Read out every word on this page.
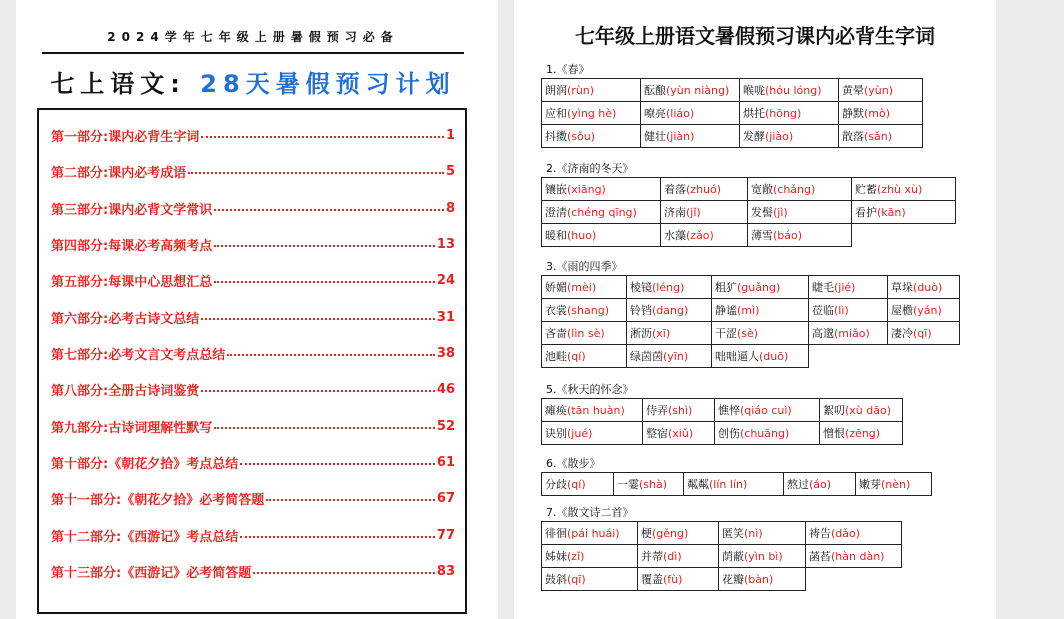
2024学年七年级上册暑假预习必备
七上语文: 28天暑假预习计划
第一部分:课内必背生字词	1
第二部分:课内必考成语	5
第三部分:课内必背文学常识	8
第四部分:每课必考高频考点	13
第五部分:每课中心思想汇总	24
第六部分:必考古诗文总结	31
第七部分:必考文言文考点总结	38
第八部分:全册古诗词鉴赏	46
第九部分:古诗词理解性默写	52
第十部分:《朝花夕拾》考点总结	61
第十一部分:《朝花夕拾》必考简答题	67
第十二部分:《西游记》考点总结	77
第十三部分:《西游记》必考简答题	83
七年级上册语文暑假预习课内必背生字词
1.《春》
朗润(rùn)	酝酿(yùn niàng)	喉咙(hóu lóng)	黄晕(yùn)
应和(yìng hè)	嘹亮(liáo)	烘托(hōng)	静默(mò)
抖擞(sǒu)	健壮(jiàn)	发酵(jiào)	散落(sǎn)
2.《济南的冬天》
镶嵌(xiāng)	着落(zhuó)	宽敞(chǎng)	贮蓄(zhù xù)
澄清(chéng qīng)	济南(jǐ)	发髻(jì)	看护(kān)
暖和(huo)	水藻(zǎo)	薄雪(báo)	
3.《雨的四季》
娇媚(mèi)	棱镜(léng)	粗犷(guǎng)	睫毛(jié)	草垛(duò)
衣裳(shang)	铃铛(dang)	静谧(mì)	莅临(lì)	屋檐(yán)
吝啬(lìn sè)	淅沥(xī)	干涩(sè)	高邈(miǎo)	凄冷(qī)
池畦(qí)	绿茵茵(yīn)	咄咄逼人(duō)		
5.《秋天的怀念》
瘫痪(tān huàn)	侍弄(shì)	憔悴(qiáo cuì)	絮叨(xù dāo)
诀别(jué)	整宿(xiǔ)	创伤(chuāng)	憎恨(zēng)
6.《散步》
分歧(qí)	一霎(shà)	粼粼(lín lín)	熬过(áo)	嫩芽(nèn)
7.《散文诗二首》
徘徊(pái huái)	梗(gěng)	匿笑(nì)	祷告(dǎo)
姊妹(zǐ)	并蒂(dì)	荫蔽(yìn bì)	菡萏(hàn dàn)
鼓斜(qī)	覆盖(fù)	花瓣(bàn)	
